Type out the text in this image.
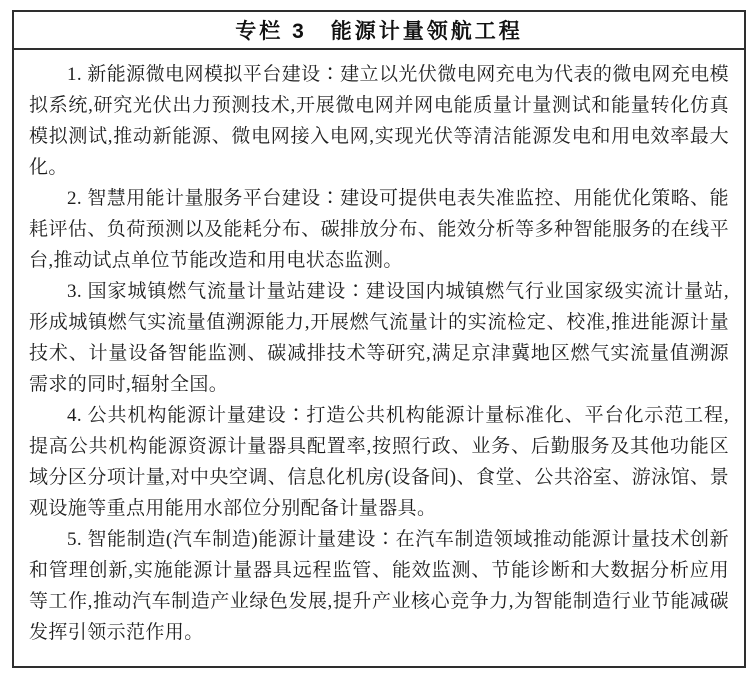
专栏 3　能源计量领航工程

1. 新能源微电网模拟平台建设∶建立以光伏微电网充电为代表的微电网充电模拟系统,研究光伏出力预测技术,开展微电网并网电能质量计量测试和能量转化仿真模拟测试,推动新能源、微电网接入电网,实现光伏等清洁能源发电和用电效率最大化。

2. 智慧用能计量服务平台建设∶建设可提供电表失准监控、用能优化策略、能耗评估、负荷预测以及能耗分布、碳排放分布、能效分析等多种智能服务的在线平台,推动试点单位节能改造和用电状态监测。

3. 国家城镇燃气流量计量站建设∶建设国内城镇燃气行业国家级实流计量站,形成城镇燃气实流量值溯源能力,开展燃气流量计的实流检定、校准,推进能源计量技术、计量设备智能监测、碳减排技术等研究,满足京津冀地区燃气实流量值溯源需求的同时,辐射全国。

4. 公共机构能源计量建设∶打造公共机构能源计量标准化、平台化示范工程,提高公共机构能源资源计量器具配置率,按照行政、业务、后勤服务及其他功能区域分区分项计量,对中央空调、信息化机房(设备间)、食堂、公共浴室、游泳馆、景观设施等重点用能用水部位分别配备计量器具。

5. 智能制造(汽车制造)能源计量建设∶在汽车制造领域推动能源计量技术创新和管理创新,实施能源计量器具远程监管、能效监测、节能诊断和大数据分析应用等工作,推动汽车制造产业绿色发展,提升产业核心竞争力,为智能制造行业节能减碳发挥引领示范作用。
